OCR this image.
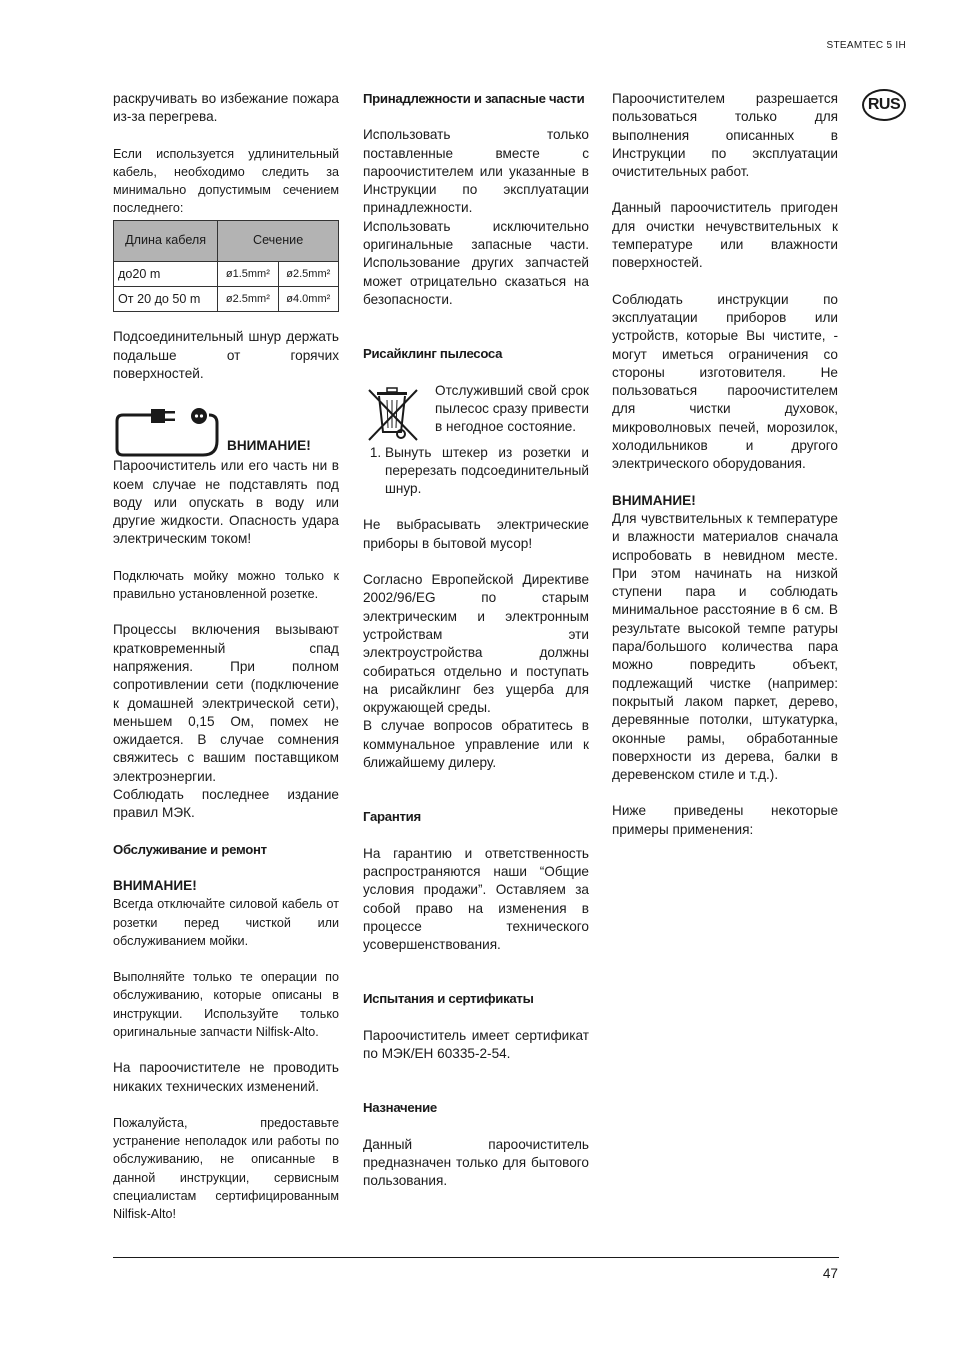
STEAMTEC 5 IH
RUS

раскручивать во избежание пожара из-за перегрева.

Если используется удлинительный кабель, необходимо следить за минимально допустимым сечением последнего:

Длина кабеля	Сечение	
до20 m	ø1.5mm²	ø2.5mm²
От 20 до 50 m	ø2.5mm²	ø4.0mm²

Подсоединительный шнур держать подальше от горячих поверхностей.

ВНИМАНИЕ!

Пароочиститель или его часть ни в коем случае не подставлять под воду или опускать в воду или другие жидкости. Опасность удара электрическим током!

Подключать мойку можно только к правильно установленной розетке.

Процессы включения вызывают кратковременный спад напряжения. При полном сопротивлении сети (подключение к домашней электрической сети), меньшем 0,15 Ом, помех не ожидается. В случае сомнения свяжитесь с вашим поставщиком электроэнергии.

Соблюдать последнее издание правил МЭК.

Обслуживание и ремонт
ВНИМАНИЕ!

Всегда отключайте силовой кабель от розетки перед чисткой или обслуживанием мойки.

Выполняйте только те операции по обслуживанию, которые описаны в инструкции. Используйте только оригинальные запчасти Nilfisk-Alto.

На пароочистителе не проводить никаких технических изменений.

Пожалуйста, предоставьте устранение неполадок или работы по обслуживанию, не описанные в данной инструкции, сервисным специалистам сертифицированным Nilfisk-Alto!

Принадлежности и запасные части

Использовать только поставленные вместе с пароочистителем или указанные в Инструкции по эксплуатации принадлежности.

Использовать исключительно оригинальные запасные части. Использование других запчастей может отрицательно сказаться на безопасности.

Рисайклинг пылесоса
Отслуживший свой срок пылесос сразу привести в негодное состояние.
1. Вынуть штекер из розетки и перерезать подсоединительный шнур.

Не выбрасывать электрические приборы в бытовой мусор!

Согласно Европейской Директиве 2002/96/EG по старым электрическим и электронным устройствам эти электроустройства должны собираться отдельно и поступать на рисайклинг без ущерба для окружающей среды.

В случае вопросов обратитесь в коммунальное управление или к ближайшему дилеру.

Гарантия

На гарантию и ответственность распространяются наши “Общие условия продажи”. Оставляем за собой право на изменения в процессе технического усовершенствования.

Испытания и сертификаты

Пароочиститель имеет сертификат по МЭК/ЕН 60335-2-54.

Назначение

Данный пароочиститель предназначен только для бытового пользования.

Пароочистителем разрешается пользоваться только для выполнения описанных в Инструкции по эксплуатации очистительных работ.

Данный пароочиститель пригоден для очистки нечувствительных к температуре или влажности поверхностей.

Соблюдать инструкции по эксплуатации приборов или устройств, которые Вы чистите, - могут иметься ограничения со стороны изготовителя. Не пользоваться пароочистителем для чистки духовок, микроволновых печей, морозилок, холодильников и другого электрического оборудования.

ВНИМАНИЕ!

Для чувствительных к температуре и влажности материалов сначала испробовать в невидном месте. При этом начинать на низкой ступени пара и соблюдать минимальное расстояние в 6 см. В результате высокой темпе ратуры пара/большого количества пара можно повредить объект, подлежащий чистке (например: покрытый лаком паркет, дерево, деревянные потолки, штукатурка, оконные рамы, обработанные поверхности из дерева, балки в деревенском стиле и т.д.).

Ниже приведены некоторые примеры применения:

47
